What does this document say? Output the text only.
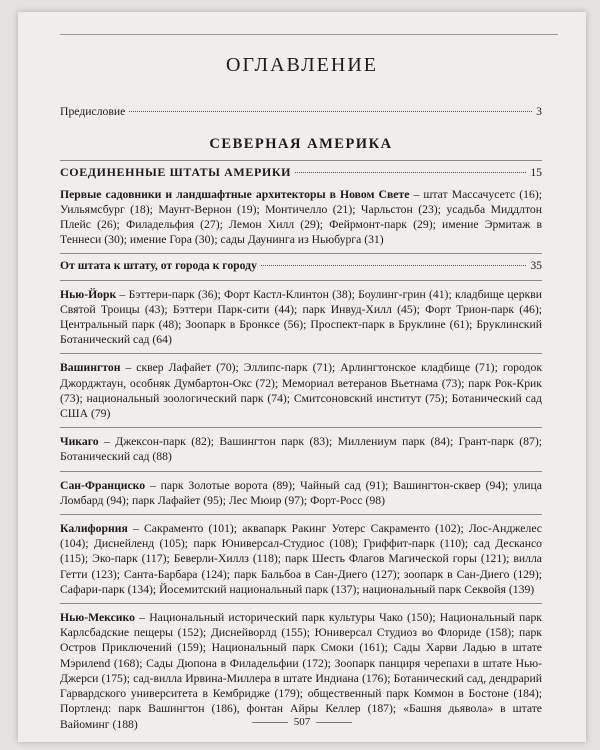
ОГЛАВЛЕНИЕ
Предисловие	3
СЕВЕРНАЯ АМЕРИКА
СОЕДИНЕННЫЕ ШТАТЫ АМЕРИКИ	15
Первые садовники и ландшафтные архитекторы в Новом Свете – штат Массачусетс (16); Уильямсбург (18); Маунт-Вернон (19); Монтичелло (21); Чарльстон (23); усадьба Миддлтон Плейс (26); Филадельфия (27); Лемон Хилл (29); Фейрмонт-парк (29); имение Эрмитаж в Теннеси (30); имение Гора (30); сады Даунинга из Ньюбурга (31)
От штата к штату, от города к городу	35
Нью-Йорк – Бэттери-парк (36); Форт Кастл-Клинтон (38); Боулинг-грин (41); кладбище церкви Святой Троицы (43); Бэттери Парк-сити (44); парк Инвуд-Хилл (45); Форт Трион-парк (46); Центральный парк (48); Зоопарк в Бронксе (56); Проспект-парк в Бруклине (61); Бруклинский Ботанический сад (64)
Вашингтон – сквер Лафайет (70); Эллипс-парк (71); Арлингтонское кладбище (71); городок Джорджтаун, особняк Думбартон-Окс (72); Мемориал ветеранов Вьетнама (73); парк Рок-Крик (73); национальный зоологический парк (74); Смитсоновский институт (75); Ботанический сад США (79)
Чикаго – Джексон-парк (82); Вашингтон парк (83); Миллениум парк (84); Грант-парк (87); Ботанический сад (88)
Сан-Франциско – парк Золотые ворота (89); Чайный сад (91); Вашингтон-сквер (94); улица Ломбард (94); парк Лафайет (95); Лес Мюир (97); Форт-Росс (98)
Калифорния – Сакраменто (101); аквапарк Ракинг Уотерс Сакраменто (102); Лос-Анджелес (104); Диснейленд (105); парк Юниверсал-Студиос (108); Гриффит-парк (110); сад Дескансо (115); Эко-парк (117); Беверли-Хиллз (118); парк Шесть Флагов Магической горы (121); вилла Гетти (123); Санта-Барбара (124); парк Бальбоа в Сан-Диего (127); зоопарк в Сан-Диего (129); Сафари-парк (134); Йосемитский национальный парк (137); национальный парк Секвойя (139)
Нью-Мексико – Национальный исторический парк культуры Чако (150); Национальный парк Карлсбадские пещеры (152); Диснейворлд (155); Юниверсал Студиоз во Флориде (158); парк Остров Приключений (159); Национальный парк Смоки (161); Сады Харви Ладью в штате Мэрилend (168); Сады Дюпона в Филадельфии (172); Зоопарк панциря черепахи в штате Нью-Джерси (175); сад-вилла Ирвина-Миллера в штате Индиана (176); Ботанический сад, дендрарий Гарвардского университета в Кембридже (179); общественный парк Коммон в Бостоне (184); Портленд: парк Вашингтон (186), фонтан Айры Келлер (187); «Башня дьявола» в штате Вайоминг (188)	507
